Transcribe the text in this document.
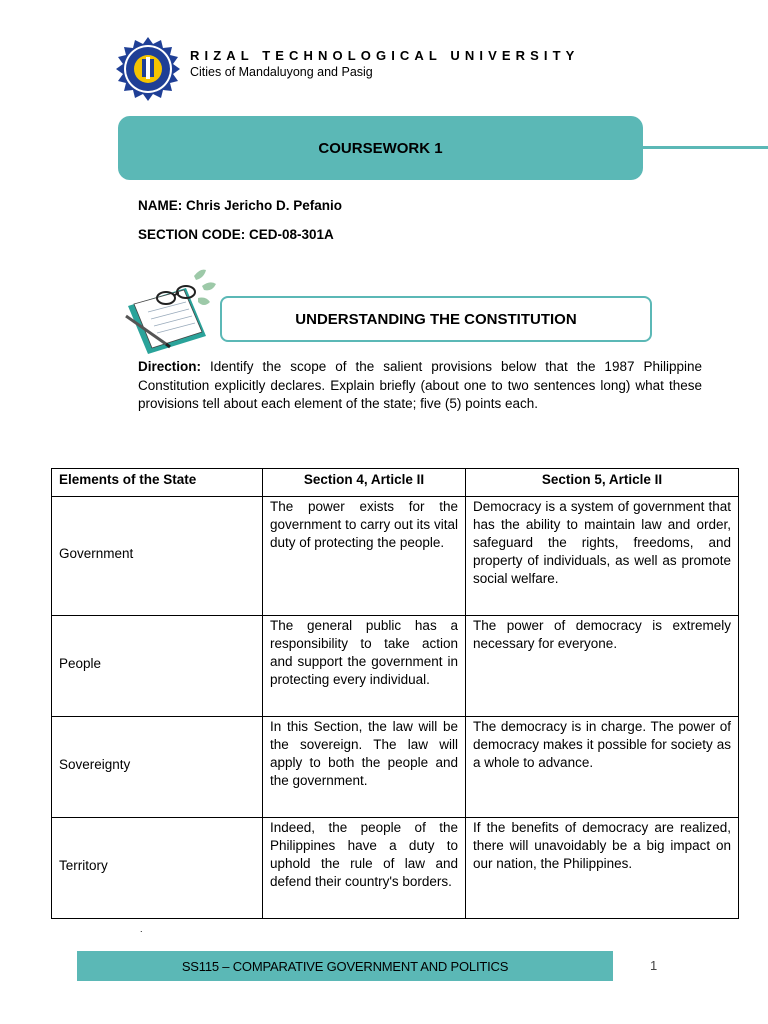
RIZAL TECHNOLOGICAL UNIVERSITY
Cities of Mandaluyong and Pasig
COURSEWORK 1
NAME: Chris Jericho D. Pefanio
SECTION CODE: CED-08-301A
UNDERSTANDING THE CONSTITUTION
Direction: Identify the scope of the salient provisions below that the 1987 Philippine Constitution explicitly declares. Explain briefly (about one to two sentences long) what these provisions tell about each element of the state; five (5) points each.
Elements of the State	Section 4, Article II	Section 5, Article II
Government	The power exists for the government to carry out its vital duty of protecting the people.	Democracy is a system of government that has the ability to maintain law and order, safeguard the rights, freedoms, and property of individuals, as well as promote social welfare.
People	The general public has a responsibility to take action and support the government in protecting every individual.	The power of democracy is extremely necessary for everyone.
Sovereignty	In this Section, the law will be the sovereign. The law will apply to both the people and the government.	The democracy is in charge. The power of democracy makes it possible for society as a whole to advance.
Territory	Indeed, the people of the Philippines have a duty to uphold the rule of law and defend their country's borders.	If the benefits of democracy are realized, there will unavoidably be a big impact on our nation, the Philippines.
.
SS115 – COMPARATIVE GOVERNMENT AND POLITICS	1
